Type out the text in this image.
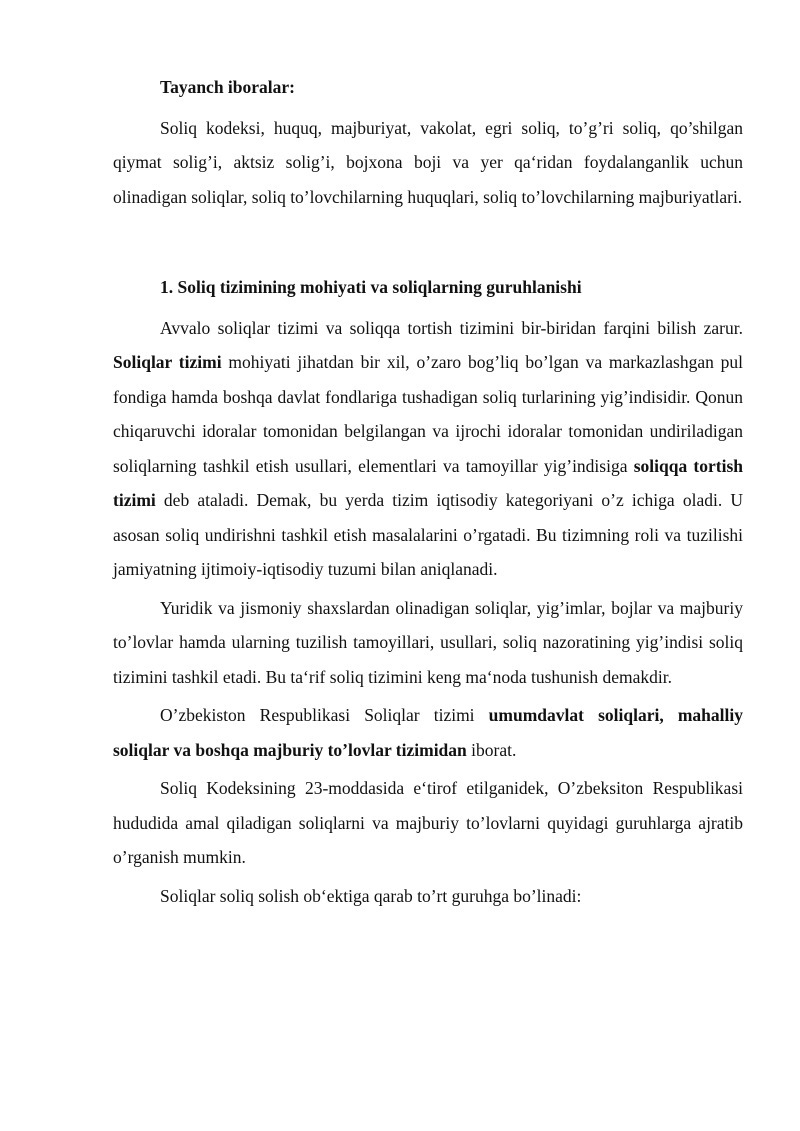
Tayanch iboralar:

Soliq kodeksi, huquq, majburiyat, vakolat, egri soliq, to’g’ri soliq, qo’shilgan qiymat solig’i, aktsiz solig’i, bojxona boji va yer qa‘ridan foydalanganlik uchun olinadigan soliqlar, soliq to’lovchilarning huquqlari, soliq to’lovchilarning majburiyatlari.

1. Soliq tizimining mohiyati va soliqlarning guruhlanishi

Avvalo soliqlar tizimi va soliqqa tortish tizimini bir-biridan farqini bilish zarur. Soliqlar tizimi mohiyati jihatdan bir xil, o’zaro bog’liq bo’lgan va markazlashgan pul fondiga hamda boshqa davlat fondlariga tushadigan soliq turlarining yig’indisidir. Qonun chiqaruvchi idoralar tomonidan belgilangan va ijrochi idoralar tomonidan undiriladigan soliqlarning tashkil etish usullari, elementlari va tamoyillar yig’indisiga soliqqa tortish tizimi deb ataladi. Demak, bu yerda tizim iqtisodiy kategoriyani o’z ichiga oladi. U asosan soliq undirishni tashkil etish masalalarini o’rgatadi. Bu tizimning roli va tuzilishi jamiyatning ijtimoiy-iqtisodiy tuzumi bilan aniqlanadi.

Yuridik va jismoniy shaxslardan olinadigan soliqlar, yig’imlar, bojlar va majburiy to’lovlar hamda ularning tuzilish tamoyillari, usullari, soliq nazoratining yig’indisi soliq tizimini tashkil etadi. Bu ta‘rif soliq tizimini keng ma‘noda tushunish demakdir.

O’zbekiston Respublikasi Soliqlar tizimi umumdavlat soliqlari, mahalliy soliqlar va boshqa majburiy to’lovlar tizimidan iborat.

Soliq Kodeksining 23-moddasida e‘tirof etilganidek, O’zbeksiton Respublikasi hududida amal qiladigan soliqlarni va majburiy to’lovlarni quyidagi guruhlarga ajratib o’rganish mumkin.

Soliqlar soliq solish ob‘ektiga qarab to’rt guruhga bo’linadi:
